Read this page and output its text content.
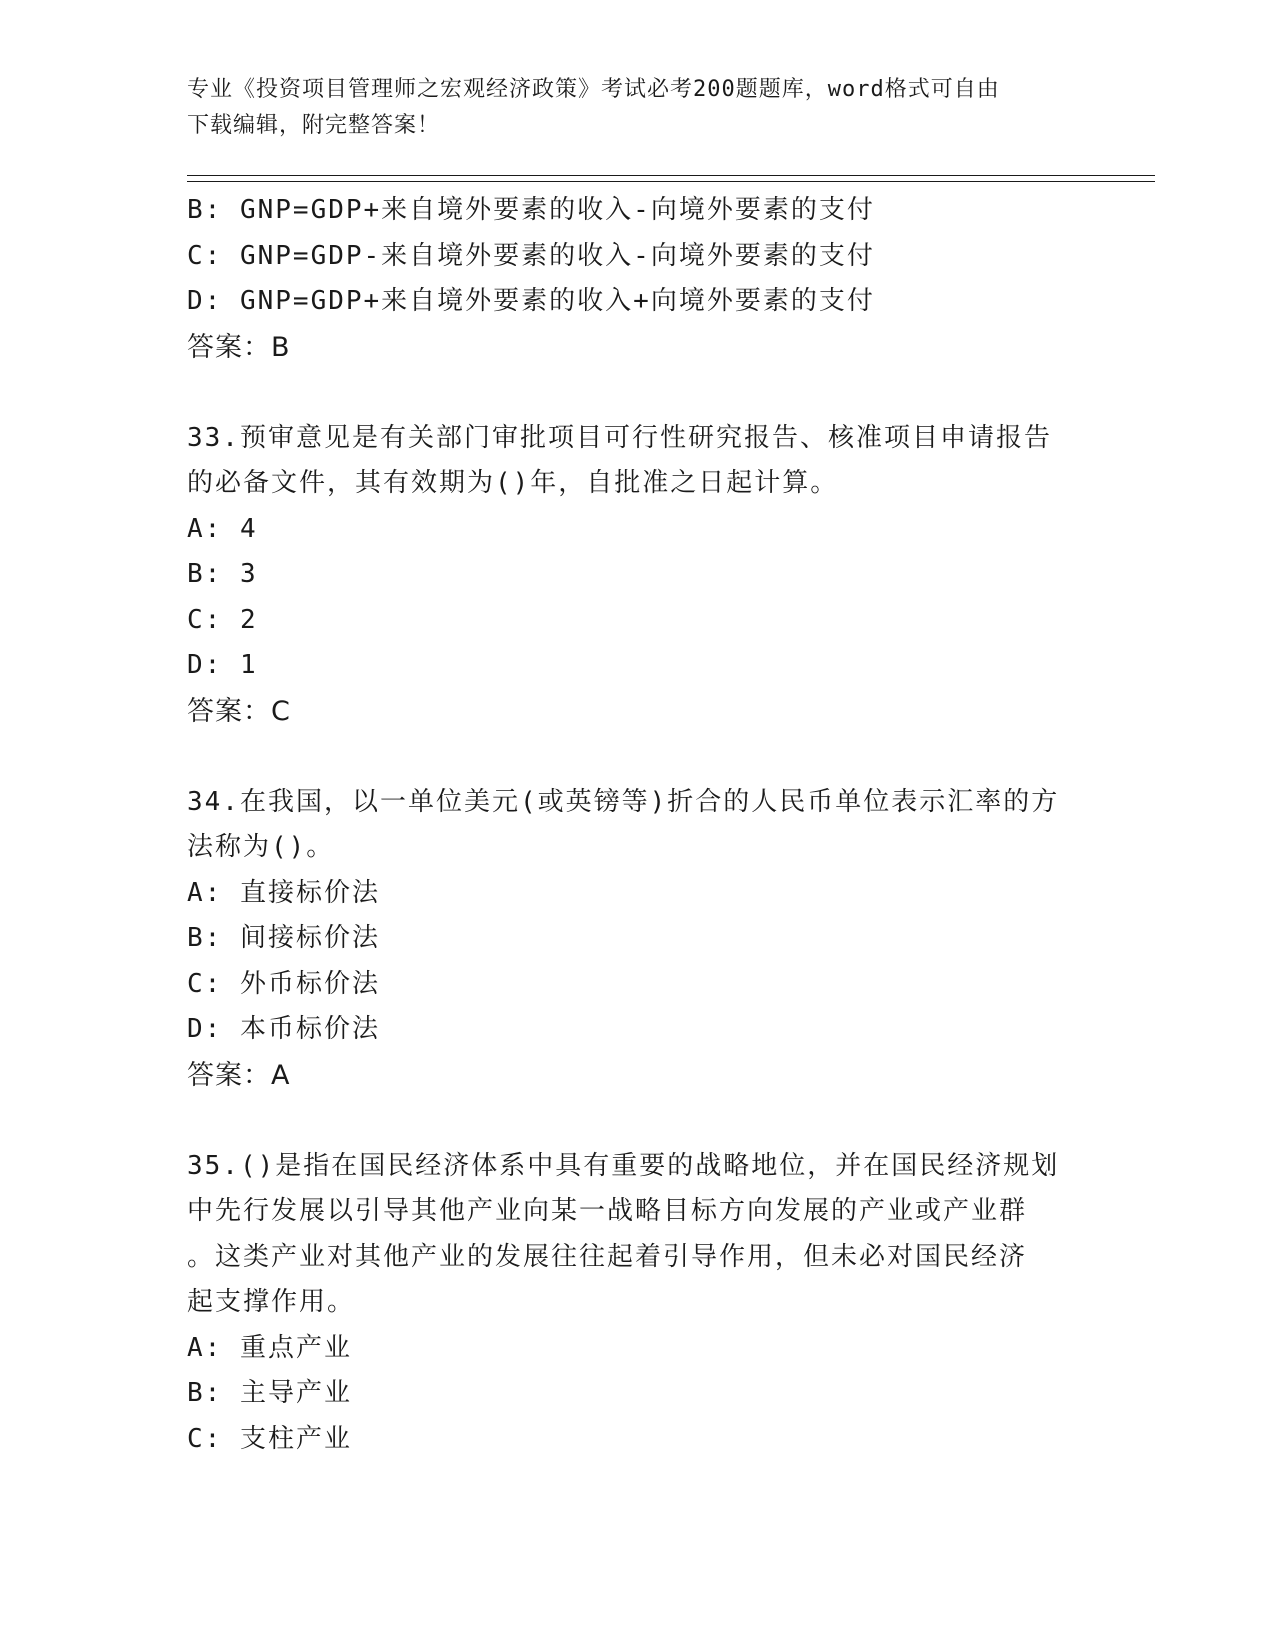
专业《投资项目管理师之宏观经济政策》考试必考200题题库，word格式可自由
下载编辑，附完整答案！
B: GNP=GDP+来自境外要素的收入-向境外要素的支付
C: GNP=GDP-来自境外要素的收入-向境外要素的支付
D: GNP=GDP+来自境外要素的收入+向境外要素的支付
答案：B
33.预审意见是有关部门审批项目可行性研究报告、核准项目申请报告
的必备文件，其有效期为()年，自批准之日起计算。
A: 4
B: 3
C: 2
D: 1
答案：C
34.在我国，以一单位美元(或英镑等)折合的人民币单位表示汇率的方
法称为()。
A: 直接标价法
B: 间接标价法
C: 外币标价法
D: 本币标价法
答案：A
35.()是指在国民经济体系中具有重要的战略地位，并在国民经济规划
中先行发展以引导其他产业向某一战略目标方向发展的产业或产业群
。这类产业对其他产业的发展往往起着引导作用，但未必对国民经济
起支撑作用。
A: 重点产业
B: 主导产业
C: 支柱产业
